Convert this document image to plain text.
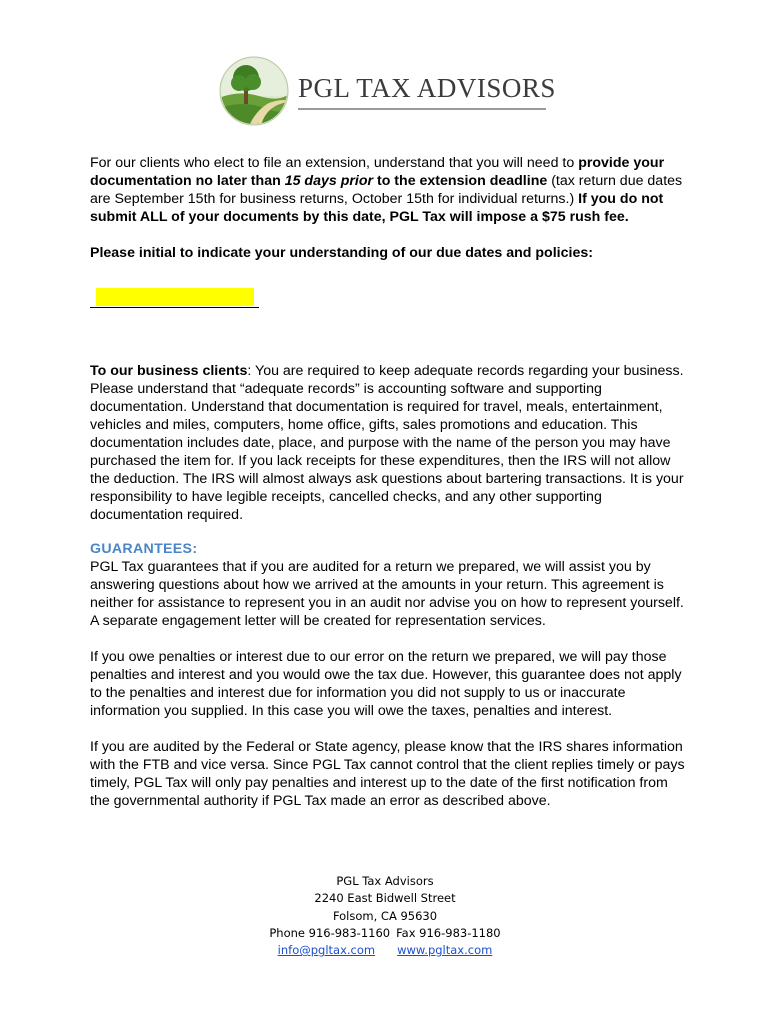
PGL TAX ADVISORS

For our clients who elect to file an extension, understand that you will need to provide your documentation no later than 15 days prior to the extension deadline (tax return due dates are September 15th for business returns, October 15th for individual returns.) If you do not submit ALL of your documents by this date, PGL Tax will impose a $75 rush fee.

Please initial to indicate your understanding of our due dates and policies:

To our business clients: You are required to keep adequate records regarding your business. Please understand that “adequate records” is accounting software and supporting documentation. Understand that documentation is required for travel, meals, entertainment, vehicles and miles, computers, home office, gifts, sales promotions and education. This documentation includes date, place, and purpose with the name of the person you may have purchased the item for. If you lack receipts for these expenditures, then the IRS will not allow the deduction. The IRS will almost always ask questions about bartering transactions. It is your responsibility to have legible receipts, cancelled checks, and any other supporting documentation required.

GUARANTEES:

PGL Tax guarantees that if you are audited for a return we prepared, we will assist you by answering questions about how we arrived at the amounts in your return. This agreement is neither for assistance to represent you in an audit nor advise you on how to represent yourself. A separate engagement letter will be created for representation services.

If you owe penalties or interest due to our error on the return we prepared, we will pay those penalties and interest and you would owe the tax due. However, this guarantee does not apply to the penalties and interest due for information you did not supply to us or inaccurate information you supplied. In this case you will owe the taxes, penalties and interest.

If you are audited by the Federal or State agency, please know that the IRS shares information with the FTB and vice versa. Since PGL Tax cannot control that the client replies timely or pays timely, PGL Tax will only pay penalties and interest up to the date of the first notification from the governmental authority if PGL Tax made an error as described above.

PGL Tax Advisors
2240 East Bidwell Street
Folsom, CA 95630
Phone 916-983-1160 Fax 916-983-1180
info@pgltax.com www.pgltax.com
